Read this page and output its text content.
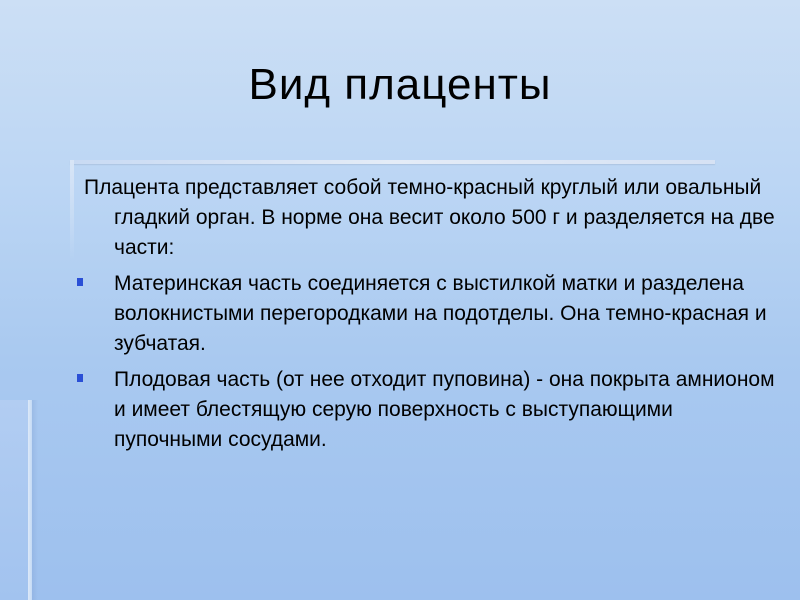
Вид плаценты

Плацента представляет собой темно-красный круглый или овальный гладкий орган. В норме она весит около 500 г и разделяется на две части:

Материнская часть соединяется с выстилкой матки и разделена волокнистыми перегородками на подотделы. Она темно-красная и зубчатая.
Плодовая часть (от нее отходит пуповина) - она покрыта амнионом и имеет блестящую серую поверхность с выступающими пупочными сосудами.
